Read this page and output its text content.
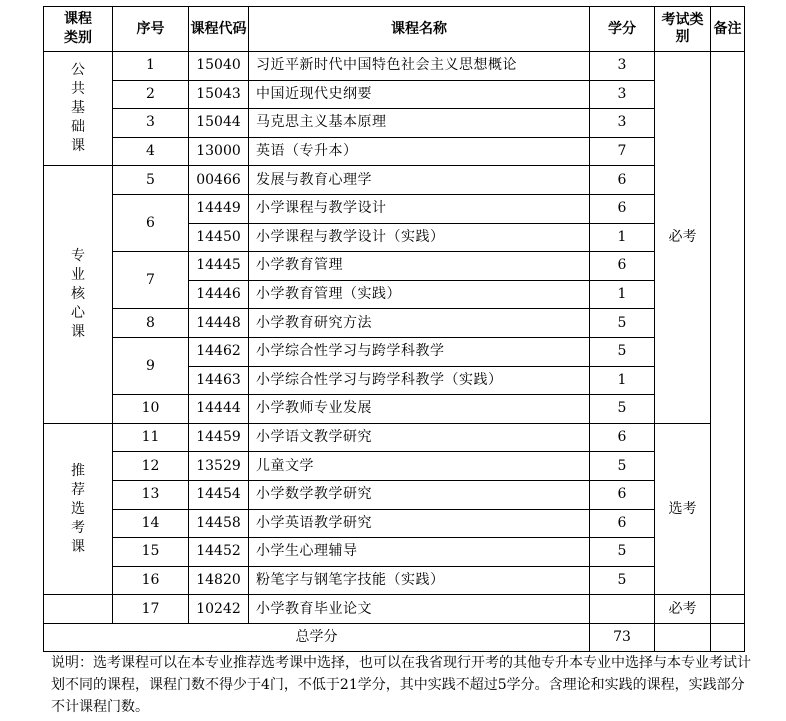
课程类别	序号	课程代码	课程名称	学分	考试类别	备注
公共基础课	1	15040	习近平新时代中国特色社会主义思想概论	3	必考	
	2	15043	中国近现代史纲要	3		
	3	15044	马克思主义基本原理	3		
	4	13000	英语（专升本）	7		
专业核心课	5	00466	发展与教育心理学	6		
	6	14449	小学课程与教学设计	6		
		14450	小学课程与教学设计（实践）	1		
	7	14445	小学教育管理	6		
		14446	小学教育管理（实践）	1		
	8	14448	小学教育研究方法	5		
	9	14462	小学综合性学习与跨学科教学	5		
		14463	小学综合性学习与跨学科教学（实践）	1		
	10	14444	小学教师专业发展	5		
推荐选考课	11	14459	小学语文教学研究	6	选考	
	12	13529	儿童文学	5		
	13	14454	小学数学教学研究	6		
	14	14458	小学英语教学研究	6		
	15	14452	小学生心理辅导	5		
	16	14820	粉笔字与钢笔字技能（实践）	5		
	17	10242	小学教育毕业论文		必考	
总学分				73		
说明：选考课程可以在本专业推荐选考课中选择，也可以在我省现行开考的其他专升本专业中选择与本专业考试计划不同的课程，课程门数不得少于4门，不低于21学分，其中实践不超过5学分。含理论和实践的课程，实践部分不计课程门数。
